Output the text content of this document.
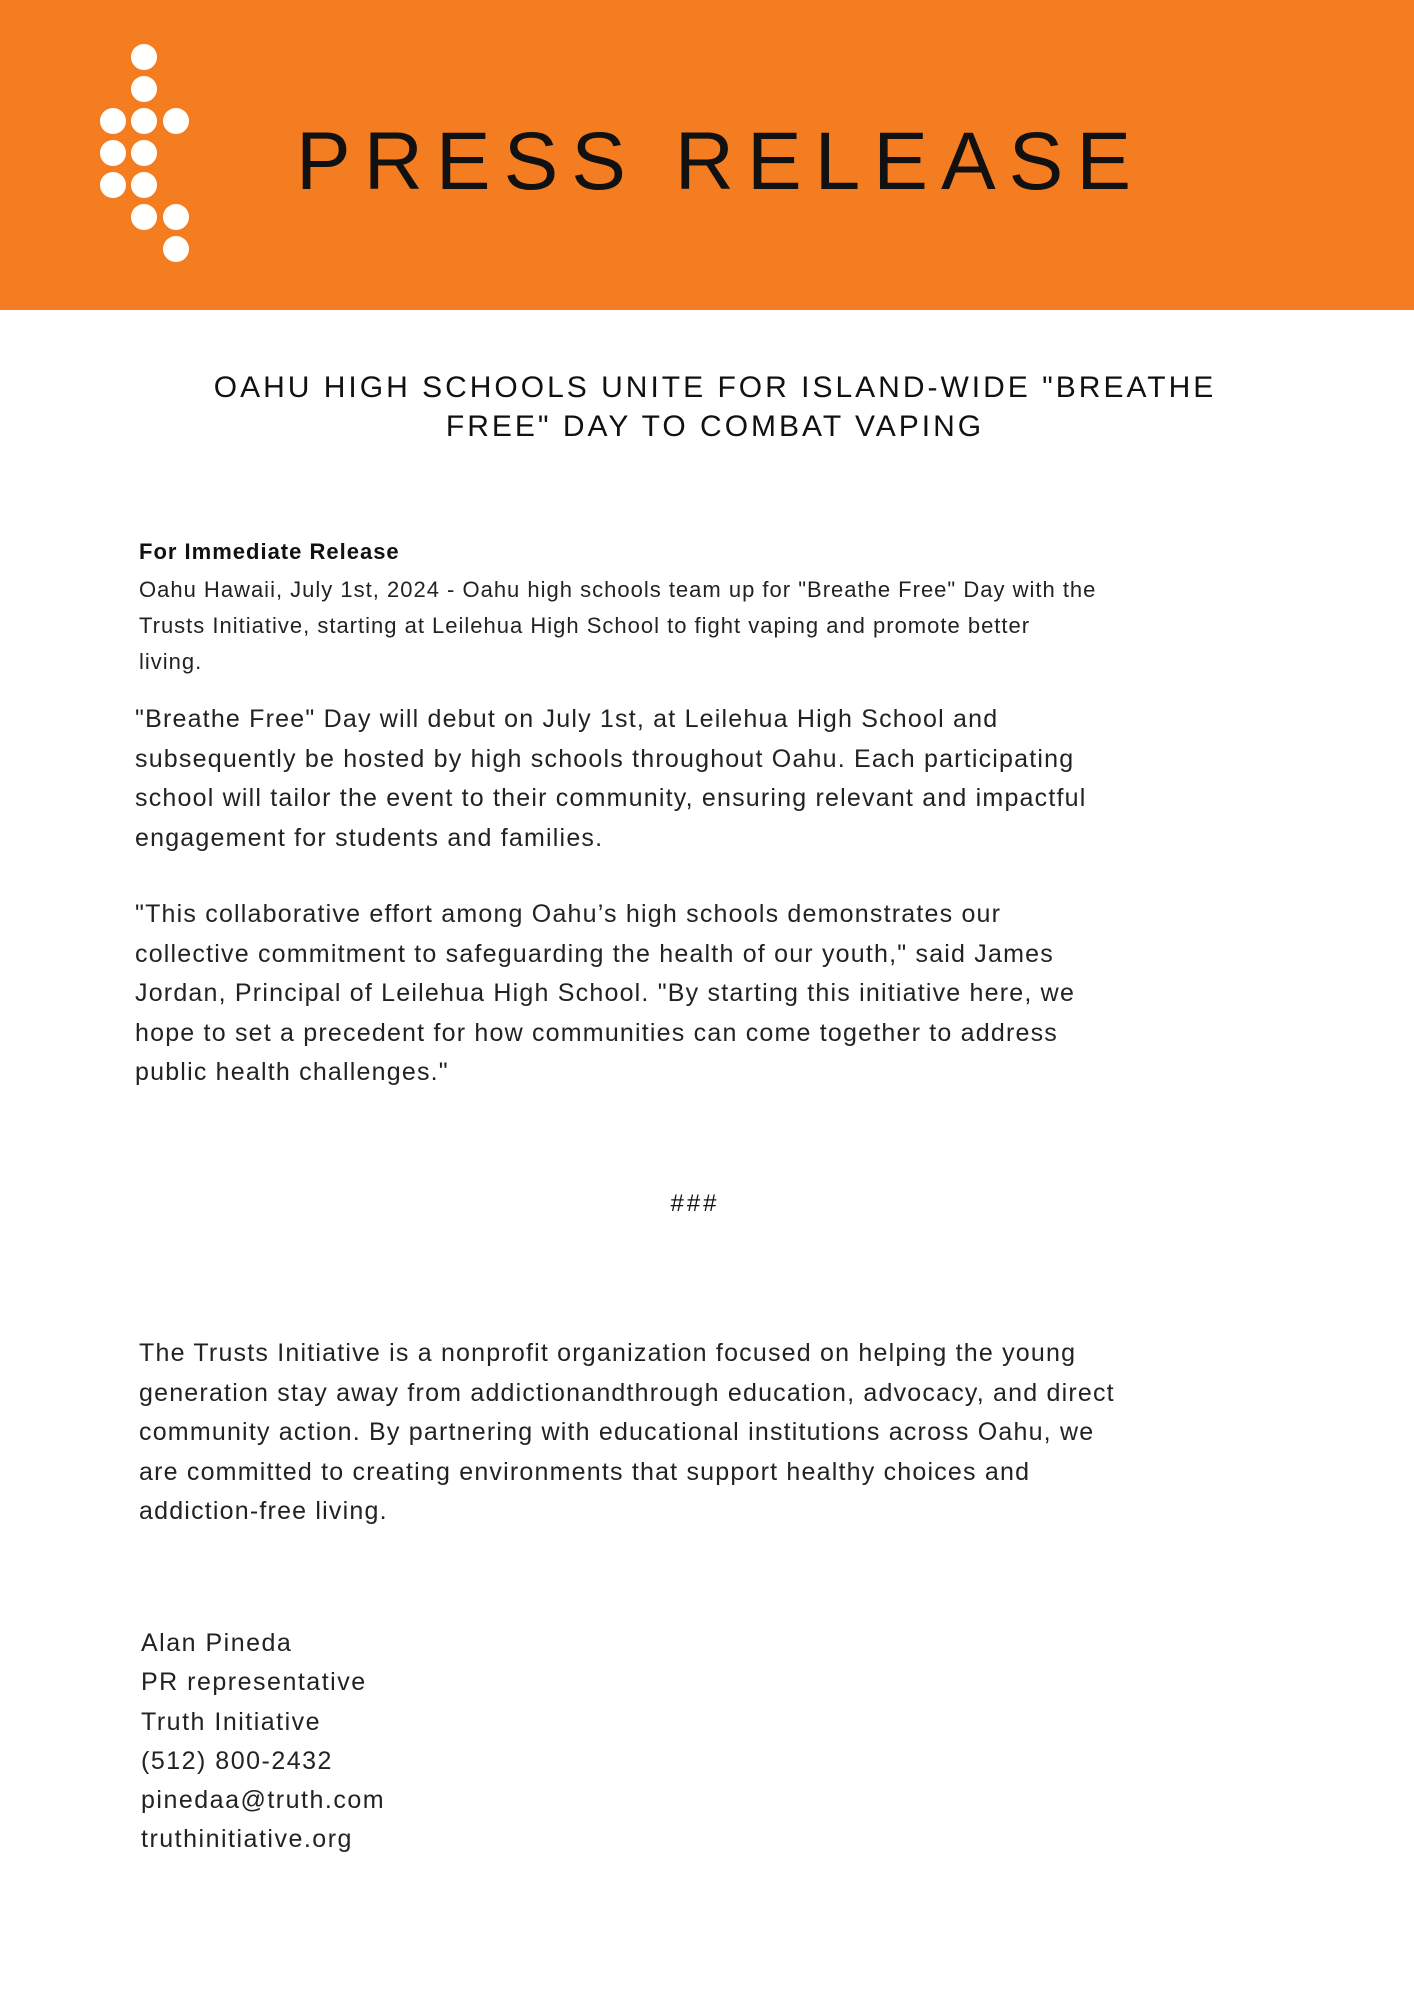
PRESS RELEASE
OAHU HIGH SCHOOLS UNITE FOR ISLAND-WIDE "BREATHE
FREE" DAY TO COMBAT VAPING
For Immediate Release
Oahu Hawaii, July 1st, 2024 - Oahu high schools team up for "Breathe Free" Day with the
Trusts Initiative, starting at Leilehua High School to fight vaping and promote better
living.
"Breathe Free" Day will debut on July 1st, at Leilehua High School and
subsequently be hosted by high schools throughout Oahu. Each participating
school will tailor the event to their community, ensuring relevant and impactful
engagement for students and families.
"This collaborative effort among Oahu’s high schools demonstrates our
collective commitment to safeguarding the health of our youth," said James
Jordan, Principal of Leilehua High School. "By starting this initiative here, we
hope to set a precedent for how communities can come together to address
public health challenges."
###
The Trusts Initiative is a nonprofit organization focused on helping the young
generation stay away from addictionandthrough education, advocacy, and direct
community action. By partnering with educational institutions across Oahu, we
are committed to creating environments that support healthy choices and
addiction-free living.
Alan Pineda
PR representative
Truth Initiative
(512) 800-2432
pinedaa@truth.com
truthinitiative.org
